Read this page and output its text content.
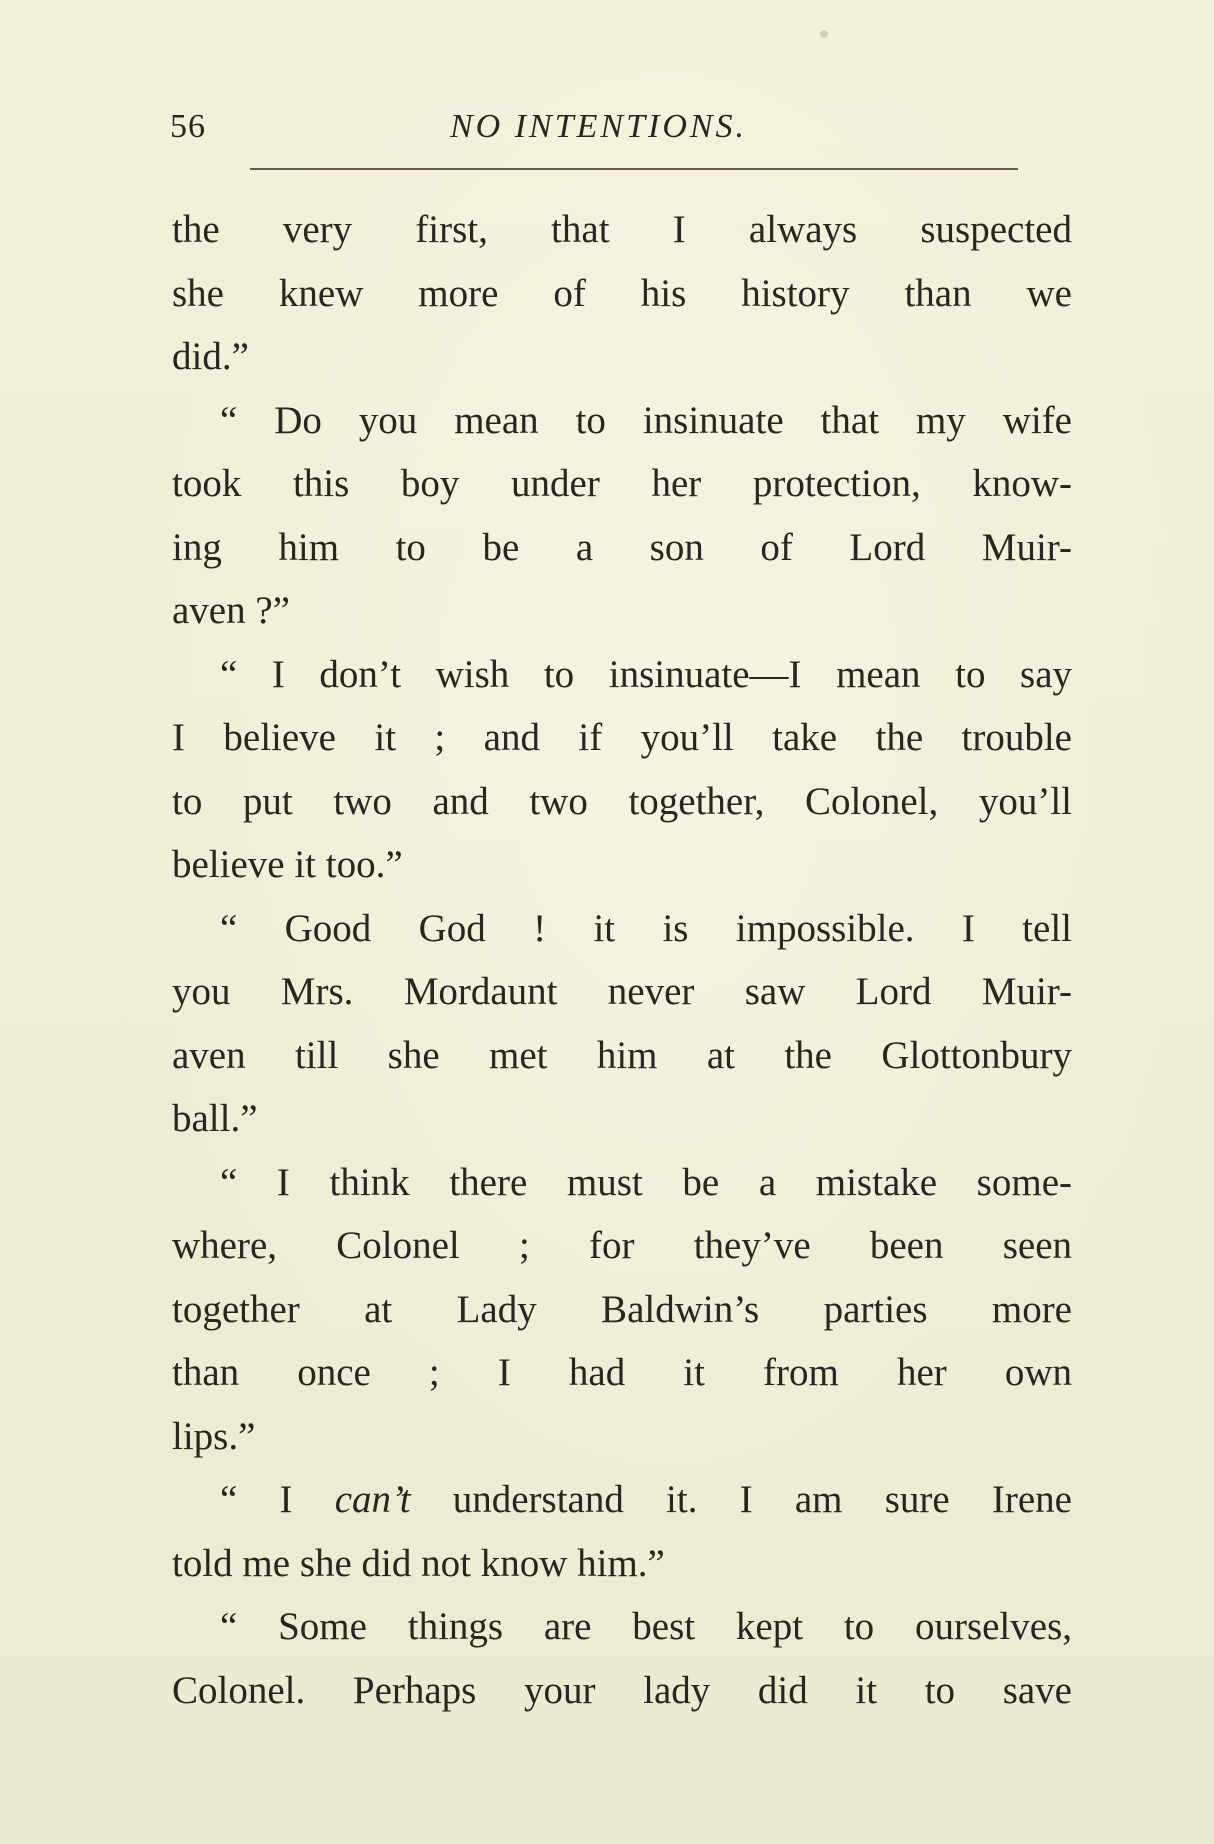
56	NO INTENTIONS.
the very first, that I always suspected
she knew more of his history than we
did.”
“ Do you mean to insinuate that my wife
took this boy under her protection, know-
ing him to be a son of Lord Muir-
aven ?”
“ I don’t wish to insinuate—I mean to say
I believe it ; and if you’ll take the trouble
to put two and two together, Colonel, you’ll
believe it too.”
“ Good God ! it is impossible. I tell
you Mrs. Mordaunt never saw Lord Muir-
aven till she met him at the Glottonbury
ball.”
“ I think there must be a mistake some-
where, Colonel ; for they’ve been seen
together at Lady Baldwin’s parties more
than once ; I had it from her own
lips.”
“ I can’t understand it. I am sure Irene
told me she did not know him.”
“ Some things are best kept to ourselves,
Colonel. Perhaps your lady did it to save
